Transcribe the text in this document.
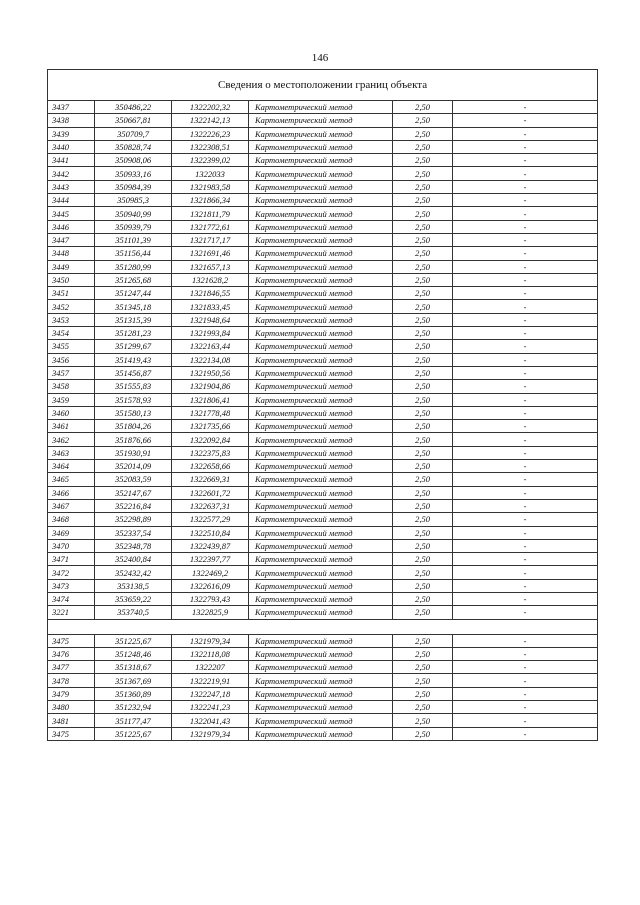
146
Сведения о местоположении границ объекта					
3437	350486,22	1322202,32	Картометрический метод	2,50	-
3438	350667,81	1322142,13	Картометрический метод	2,50	-
3439	350709,7	1322226,23	Картометрический метод	2,50	-
3440	350828,74	1322308,51	Картометрический метод	2,50	-
3441	350908,06	1322399,02	Картометрический метод	2,50	-
3442	350933,16	1322033	Картометрический метод	2,50	-
3443	350984,39	1321983,58	Картометрический метод	2,50	-
3444	350985,3	1321866,34	Картометрический метод	2,50	-
3445	350940,99	1321811,79	Картометрический метод	2,50	-
3446	350939,79	1321772,61	Картометрический метод	2,50	-
3447	351101,39	1321717,17	Картометрический метод	2,50	-
3448	351156,44	1321691,46	Картометрический метод	2,50	-
3449	351280,99	1321657,13	Картометрический метод	2,50	-
3450	351265,68	1321628,2	Картометрический метод	2,50	-
3451	351247,44	1321846,55	Картометрический метод	2,50	-
3452	351345,18	1321833,45	Картометрический метод	2,50	-
3453	351315,39	1321948,64	Картометрический метод	2,50	-
3454	351281,23	1321993,84	Картометрический метод	2,50	-
3455	351299,67	1322163,44	Картометрический метод	2,50	-
3456	351419,43	1322134,08	Картометрический метод	2,50	-
3457	351456,87	1321950,56	Картометрический метод	2,50	-
3458	351555,83	1321904,86	Картометрический метод	2,50	-
3459	351578,93	1321806,41	Картометрический метод	2,50	-
3460	351580,13	1321778,48	Картометрический метод	2,50	-
3461	351804,26	1321735,66	Картометрический метод	2,50	-
3462	351876,66	1322092,84	Картометрический метод	2,50	-
3463	351930,91	1322375,83	Картометрический метод	2,50	-
3464	352014,09	1322658,66	Картометрический метод	2,50	-
3465	352083,59	1322669,31	Картометрический метод	2,50	-
3466	352147,67	1322601,72	Картометрический метод	2,50	-
3467	352216,84	1322637,31	Картометрический метод	2,50	-
3468	352298,89	1322577,29	Картометрический метод	2,50	-
3469	352337,54	1322510,84	Картометрический метод	2,50	-
3470	352348,78	1322439,87	Картометрический метод	2,50	-
3471	352400,84	1322397,77	Картометрический метод	2,50	-
3472	352432,42	1322469,2	Картометрический метод	2,50	-
3473	353138,5	1322616,09	Картометрический метод	2,50	-
3474	353659,22	1322793,43	Картометрический метод	2,50	-
3221	353740,5	1322825,9	Картометрический метод	2,50	-

3475	351225,67	1321979,34	Картометрический метод	2,50	-
3476	351248,46	1322118,08	Картометрический метод	2,50	-
3477	351318,67	1322207	Картометрический метод	2,50	-
3478	351367,69	1322219,91	Картометрический метод	2,50	-
3479	351360,89	1322247,18	Картометрический метод	2,50	-
3480	351232,94	1322241,23	Картометрический метод	2,50	-
3481	351177,47	1322041,43	Картометрический метод	2,50	-
3475	351225,67	1321979,34	Картометрический метод	2,50	-
